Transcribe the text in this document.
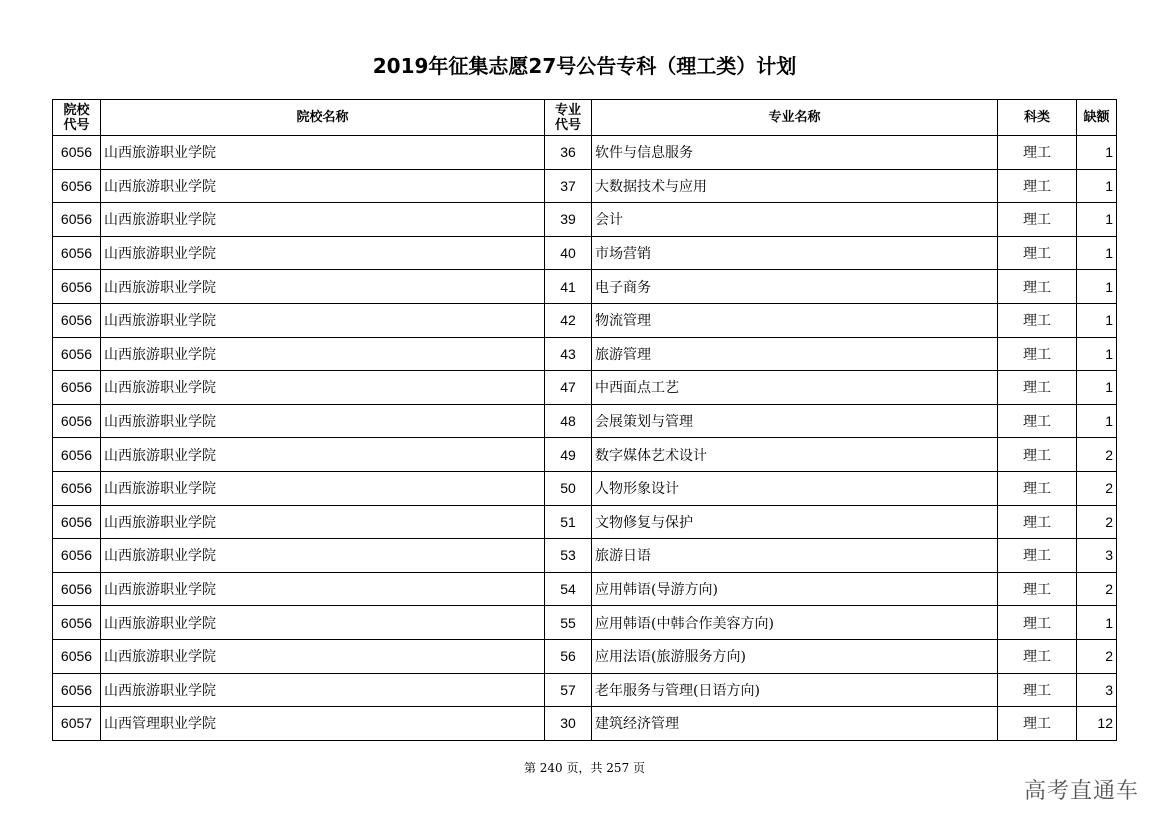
2019年征集志愿27号公告专科（理工类）计划
院校代号	院校名称	专业代号	专业名称	科类	缺额
6056	山西旅游职业学院	36	软件与信息服务	理工	1
6056	山西旅游职业学院	37	大数据技术与应用	理工	1
6056	山西旅游职业学院	39	会计	理工	1
6056	山西旅游职业学院	40	市场营销	理工	1
6056	山西旅游职业学院	41	电子商务	理工	1
6056	山西旅游职业学院	42	物流管理	理工	1
6056	山西旅游职业学院	43	旅游管理	理工	1
6056	山西旅游职业学院	47	中西面点工艺	理工	1
6056	山西旅游职业学院	48	会展策划与管理	理工	1
6056	山西旅游职业学院	49	数字媒体艺术设计	理工	2
6056	山西旅游职业学院	50	人物形象设计	理工	2
6056	山西旅游职业学院	51	文物修复与保护	理工	2
6056	山西旅游职业学院	53	旅游日语	理工	3
6056	山西旅游职业学院	54	应用韩语(导游方向)	理工	2
6056	山西旅游职业学院	55	应用韩语(中韩合作美容方向)	理工	1
6056	山西旅游职业学院	56	应用法语(旅游服务方向)	理工	2
6056	山西旅游职业学院	57	老年服务与管理(日语方向)	理工	3
6057	山西管理职业学院	30	建筑经济管理	理工	12
第 240 页，共 257 页
高考直通车
